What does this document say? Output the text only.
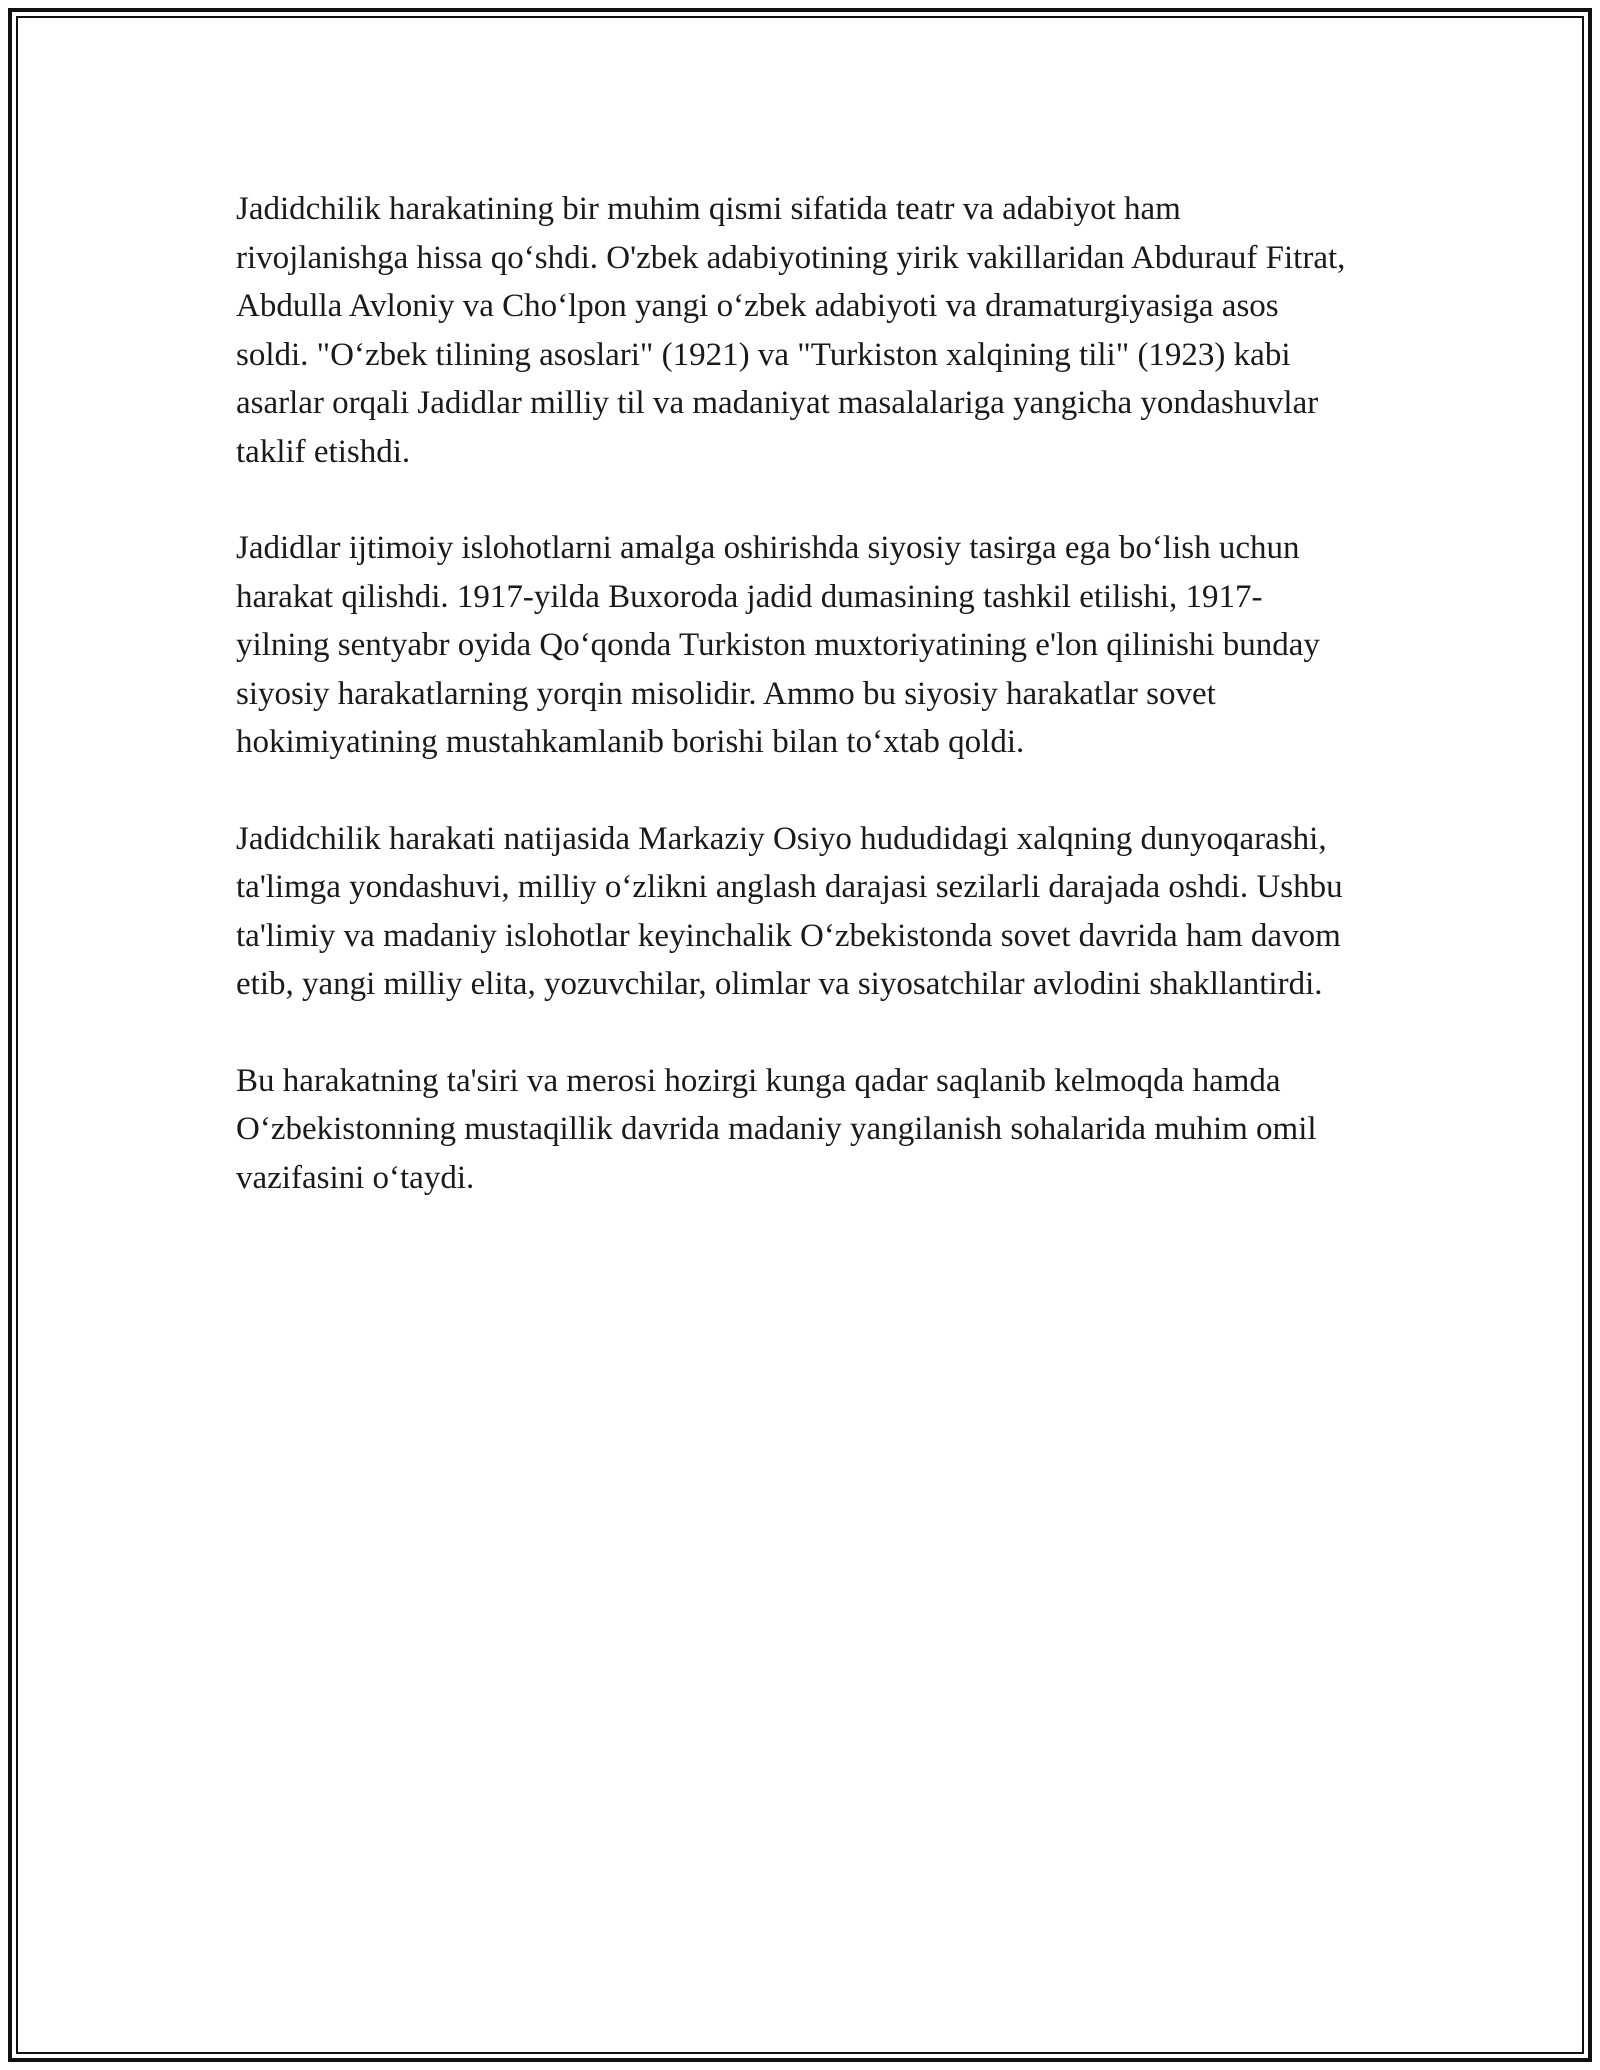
Jadidchilik harakatining bir muhim qismi sifatida teatr va adabiyot ham rivojlanishga hissa qo‘shdi. O'zbek adabiyotining yirik vakillaridan Abdurauf Fitrat, Abdulla Avloniy va Cho‘lpon yangi o‘zbek adabiyoti va dramaturgiyasiga asos soldi. "O‘zbek tilining asoslari" (1921) va "Turkiston xalqining tili" (1923) kabi asarlar orqali Jadidlar milliy til va madaniyat masalalariga yangicha yondashuvlar taklif etishdi.

Jadidlar ijtimoiy islohotlarni amalga oshirishda siyosiy tasirga ega bo‘lish uchun harakat qilishdi. 1917-yilda Buxoroda jadid dumasining tashkil etilishi, 1917-yilning sentyabr oyida Qo‘qonda Turkiston muxtoriyatining e'lon qilinishi bunday siyosiy harakatlarning yorqin misolidir. Ammo bu siyosiy harakatlar sovet hokimiyatining mustahkamlanib borishi bilan to‘xtab qoldi.

Jadidchilik harakati natijasida Markaziy Osiyo hududidagi xalqning dunyoqarashi, ta'limga yondashuvi, milliy o‘zlikni anglash darajasi sezilarli darajada oshdi. Ushbu ta'limiy va madaniy islohotlar keyinchalik O‘zbekistonda sovet davrida ham davom etib, yangi milliy elita, yozuvchilar, olimlar va siyosatchilar avlodini shakllantirdi.

Bu harakatning ta'siri va merosi hozirgi kunga qadar saqlanib kelmoqda hamda O‘zbekistonning mustaqillik davrida madaniy yangilanish sohalarida muhim omil vazifasini o‘taydi.
